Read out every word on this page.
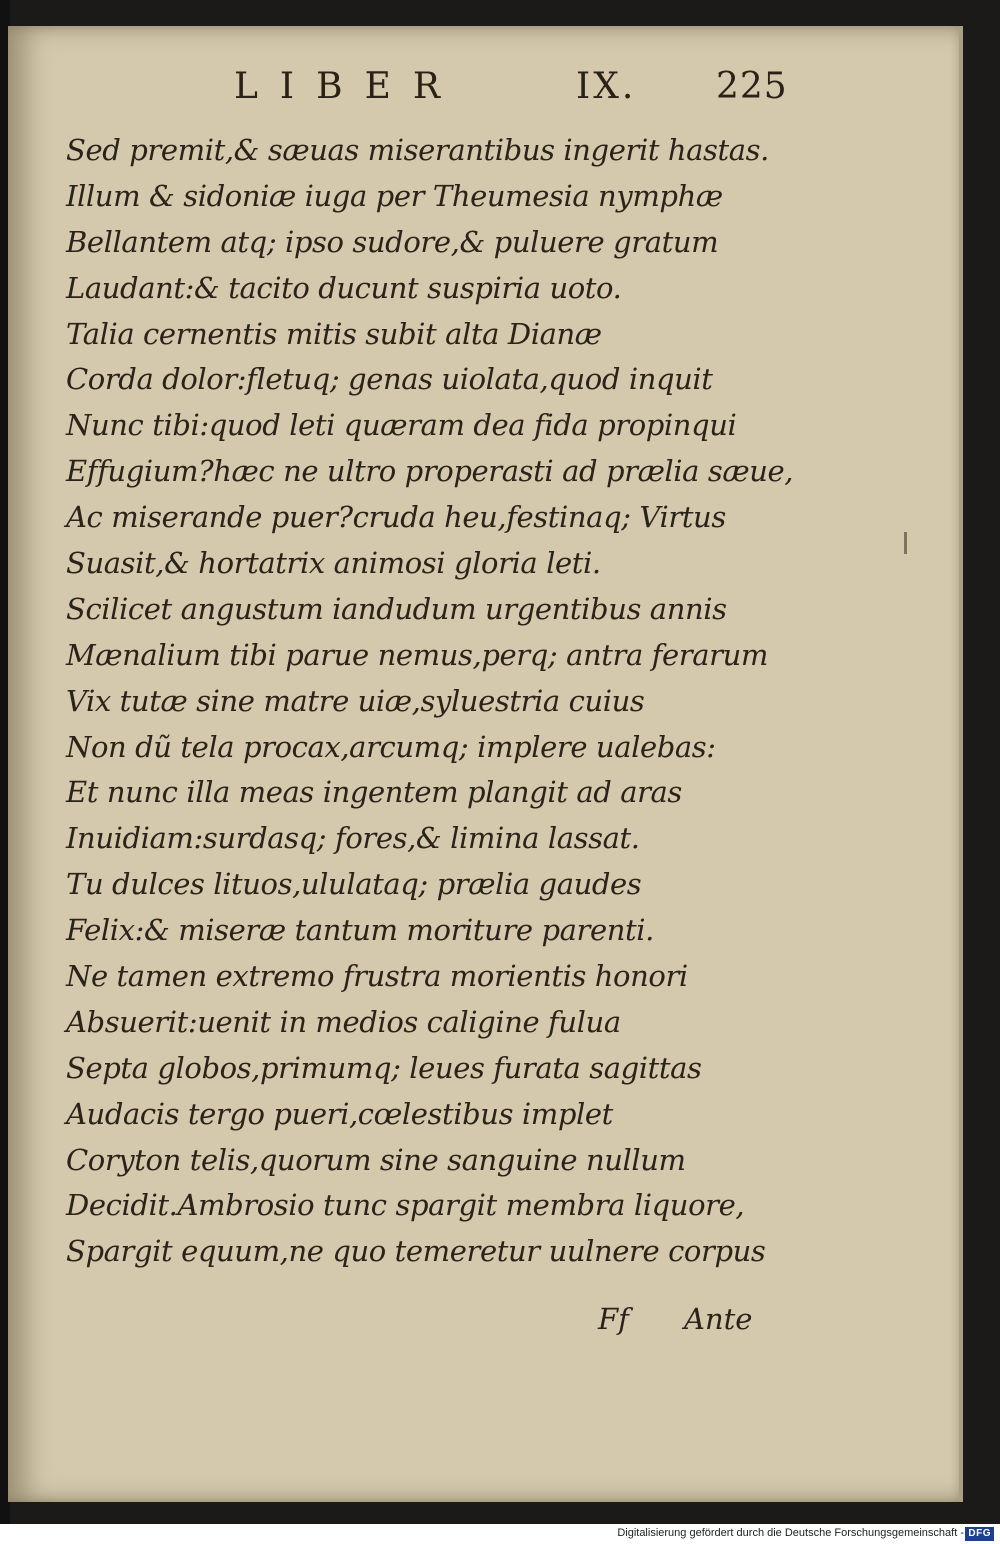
LIBER	IX. 225
Sed premit,& sæuas miserantibus ingerit hastas.
Illum & sidoniæ iuga per Theumesia nymphæ
Bellantem atq; ipso sudore,& puluere gratum
Laudant:& tacito ducunt suspiria uoto.
Talia cernentis mitis subit alta Dianæ
Corda dolor:fletuq; genas uiolata,quod inquit
Nunc tibi:quod leti quæram dea fida propinqui
Effugium?hæc ne ultro properasti ad prælia sæue,
Ac miserande puer?cruda heu,festinaq; Virtus
Suasit,& hortatrix animosi gloria leti.
Scilicet angustum iandudum urgentibus annis
Mænalium tibi parue nemus,perq; antra ferarum
Vix tutæ sine matre uiæ,syluestria cuius
Non dũ tela procax,arcumq; implere ualebas:
Et nunc illa meas ingentem plangit ad aras
Inuidiam:surdasq; fores,& limina lassat.
Tu dulces lituos,ululataq; prælia gaudes
Felix:& miseræ tantum moriture parenti.
Ne tamen extremo frustra morientis honori
Absuerit:uenit in medios caligine fulua
Septa globos,primumq; leues furata sagittas
Audacis tergo pueri,cœlestibus implet
Coryton telis,quorum sine sanguine nullum
Decidit.Ambrosio tunc spargit membra liquore,
Spargit equum,ne quo temeretur uulnere corpus
Ff Ante
Digitalisierung gefördert durch die Deutsche Forschungsgemeinschaft - DFG
